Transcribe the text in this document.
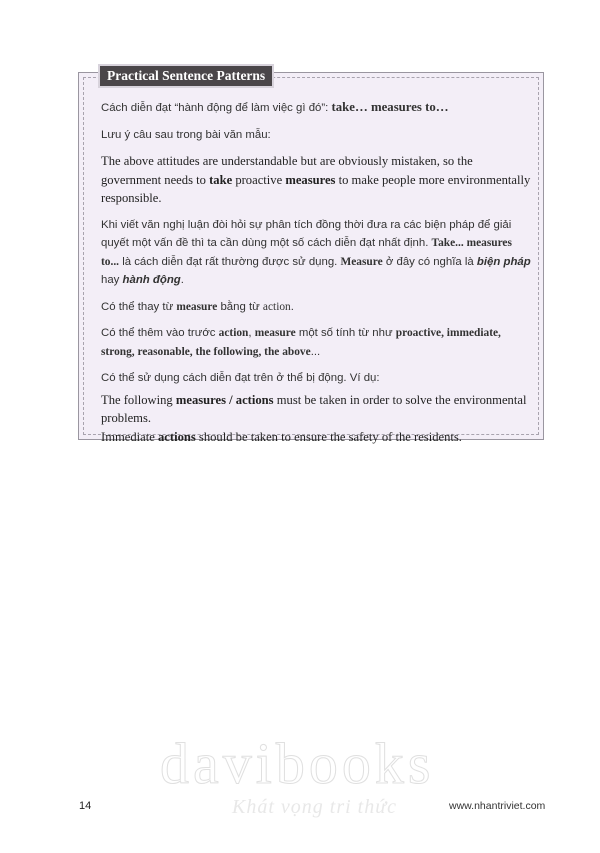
Practical Sentence Patterns

Cách diễn đạt “hành động để làm việc gì đó”: take… measures to…

Lưu ý câu sau trong bài văn mẫu:

The above attitudes are understandable but are obviously mistaken, so the government needs to take proactive measures to make people more environmentally responsible.

Khi viết văn nghị luận đòi hỏi sự phân tích đồng thời đưa ra các biện pháp để giải quyết một vấn đề thì ta cần dùng một số cách diễn đạt nhất định. Take... measures to... là cách diễn đạt rất thường được sử dụng. Measure ở đây có nghĩa là biện pháp hay hành động.

Có thể thay từ measure bằng từ action.

Có thể thêm vào trước action, measure một số tính từ như proactive, immediate, strong, reasonable, the following, the above...

Có thể sử dụng cách diễn đạt trên ở thể bị động. Ví dụ:

The following measures / actions must be taken in order to solve the environmental problems.

Immediate actions should be taken to ensure the safety of the residents.

davibooks
Khát vọng tri thức
14	www.nhantriviet.com
